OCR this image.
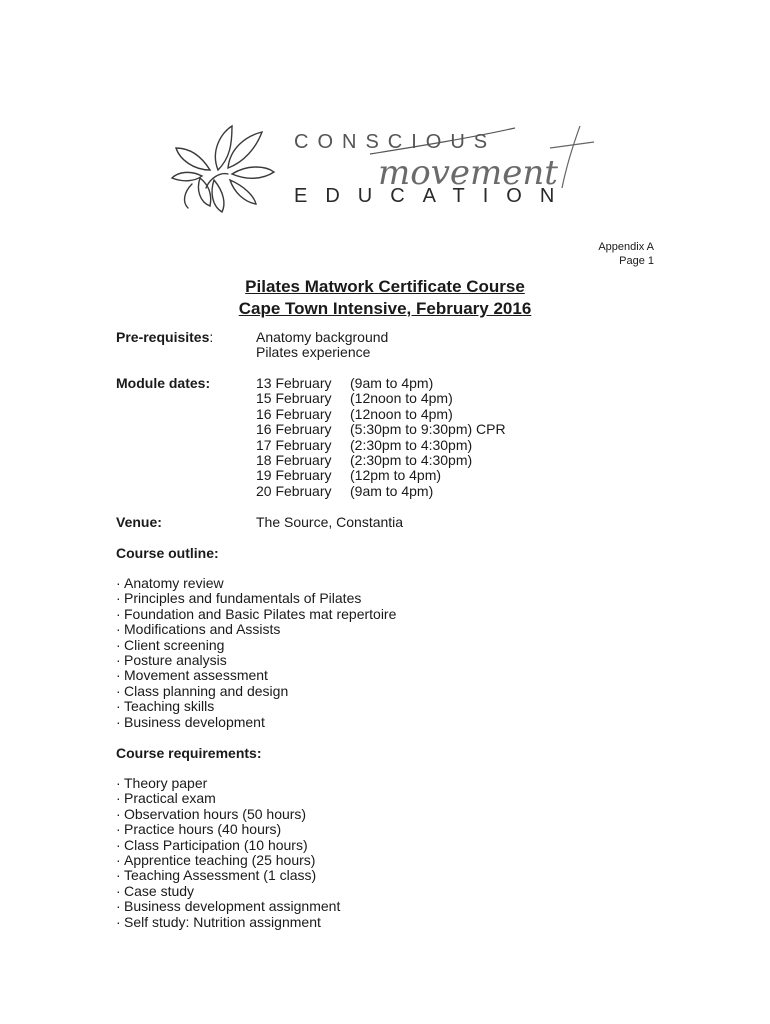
CONSCIOUS
movement
EDUCATION
Appendix A
Page 1
Pilates Matwork Certificate Course
Cape Town Intensive, February 2016
Pre-requisites:	Anatomy background
Pilates experience
Module dates:	13 February	(9am to 4pm)
15 February	(12noon to 4pm)
16 February	(12noon to 4pm)
16 February	(5:30pm to 9:30pm) CPR
17 February	(2:30pm to 4:30pm)
18 February	(2:30pm to 4:30pm)
19 February	(12pm to 4pm)
20 February	(9am to 4pm)
Venue:	The Source, Constantia
Course outline:
· Anatomy review
· Principles and fundamentals of Pilates
· Foundation and Basic Pilates mat repertoire
· Modifications and Assists
· Client screening
· Posture analysis
· Movement assessment
· Class planning and design
· Teaching skills
· Business development
Course requirements:
· Theory paper
· Practical exam
· Observation hours (50 hours)
· Practice hours (40 hours)
· Class Participation (10 hours)
· Apprentice teaching (25 hours)
· Teaching Assessment (1 class)
· Case study
· Business development assignment
· Self study: Nutrition assignment
